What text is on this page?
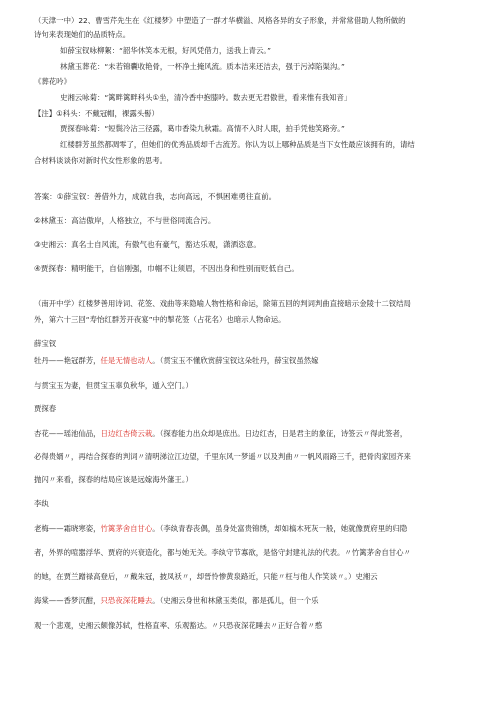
（天津一中）22、曹雪芹先生在《红楼梦》中塑造了一群才华横溢、风格各异的女子形象，并常常借助人物所做的
诗句来表现她们的品质特点。
如薛宝钗咏柳絮：“韶华休笑本无根，好风凭借力，送我上青云。”
林黛玉葬花：“未若锦囊收艳骨，一杯净土掩风流。质本洁来还洁去，强于污淖陷渠沟。”
《葬花吟》
史湘云咏菊：“篱畔篱畔科头①坐，清冷香中抱膝吟。数去更无君傲世，看来惟有我知音」
【注】①科头：不戴冠帽，裸露头髻）
贾探春咏菊：“短鬓冷沾三径露，葛巾香染九秋霜。高情不入时人眼，拍手凭他笑路旁。”
红楼群芳虽然都凋零了，但她们的优秀品质却千古流芳。你认为以上哪种品质是当下女性最应该拥有的，请结
合材料谈谈你对新时代女性形象的思考。
答案：①薛宝钗：善借外力，成就自我，志向高远，不惧困难勇往直前。
②林黛玉：高洁傲岸，人格独立，不与世俗同流合污。
③史湘云：真名士自风流，有傲气也有豪气，豁达乐观，潇洒恣意。
④贾探春：精明能干，自信刚强，巾帼不让须眉，不因出身和性别而贬低自己。
（南开中学）红楼梦善用诗词、花签、戏曲等来隐喻人物性格和命运，除第五回的判词判曲直接暗示金陵十二钗结局
外，第六十三回“寿怡红群芳开夜宴”中的掣花签（占花名）也暗示人物命运。
薛宝钗
牡丹——艳冠群芳，任是无情也动人。（贯宝玉不懂欣赏薛宝钗这朵牡丹，薛宝钗虽然嫁
与贯宝玉为妻，但贯宝玉辜负秋华，遁入空门。）
贾探春
杏花——瑶池仙品，日边红杏倚云栽。（探春能力出众却是庶出。日边红杏，日是君主的象征，诗签云〃得此签者，
必得贵婿〃，再结合探春的判词〃清明涕泣江边望，千里东风一梦遥〃以及判曲〃一帆风雨路三千，把骨肉家园齐来
抛闪〃来看，探春的结局应该是远嫁海外藩王。）
李纨
老梅——霜晓寒姿，竹篱茅舍自甘心。（李纨青春丧偶，虽身处富贵锦绣，却如槁木死灰一般，她就像贾府里的归隐
者，外界的喧嚣浮华、贾府的兴衰造化，都与她无关。李纨守节寡欲，是恪守封建礼法的代表。〃竹篱茅舍自甘心〃
的她，在贾兰蹭禄高登后，〃戴朱冠，披凤袄〃，却晉怜惨黄泉路近，只能〃枉与他人作笑谈〃。）史湘云
海棠——香梦沉酣，只恐夜深花睡去。（史湘云身世和林黛玉类似，都是孤儿，但一个乐
观一个悲观，史湘云颇像苏轼，性格直率、乐观豁达。〃只恐夜深花睡去〃正好合着〃憨
